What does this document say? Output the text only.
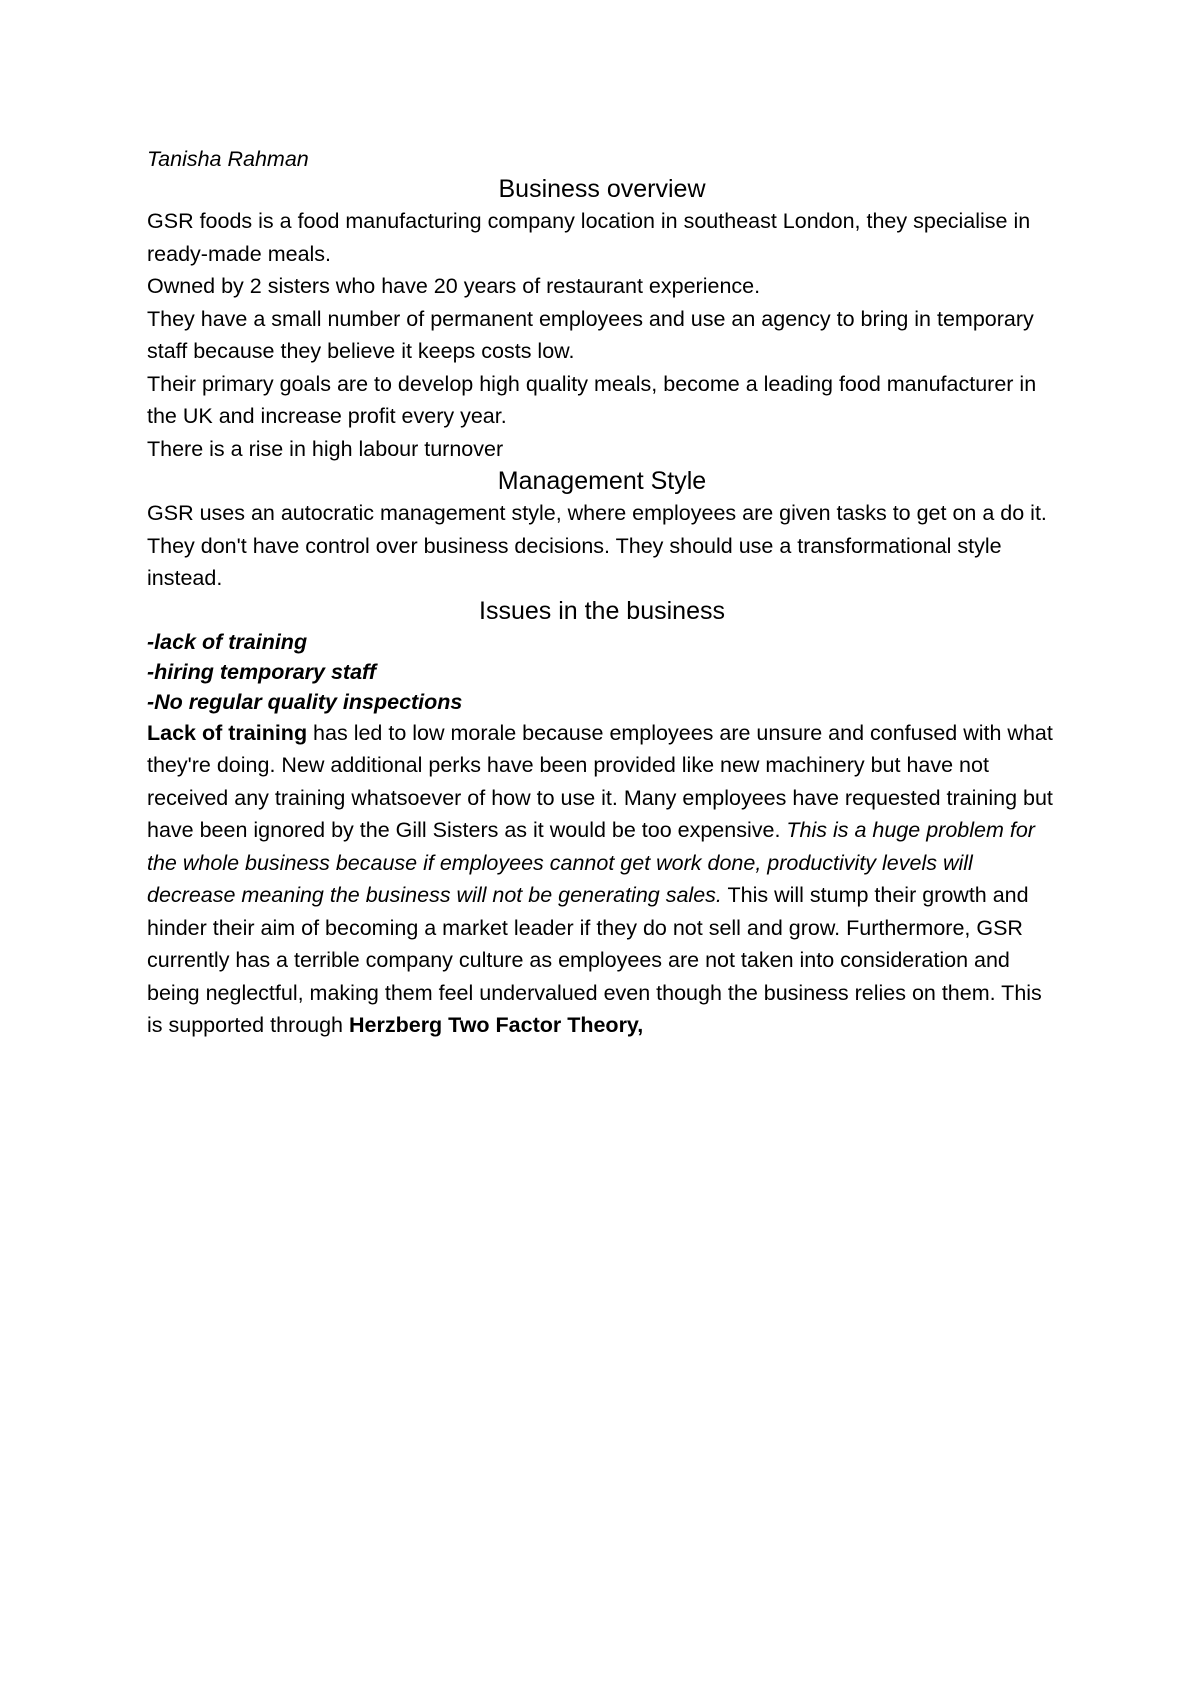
Tanisha Rahman

Business overview

GSR foods is a food manufacturing company location in southeast London, they specialise in ready-made meals.

Owned by 2 sisters who have 20 years of restaurant experience.

They have a small number of permanent employees and use an agency to bring in temporary staff because they believe it keeps costs low.

Their primary goals are to develop high quality meals, become a leading food manufacturer in the UK and increase profit every year.

There is a rise in high labour turnover

Management Style

GSR uses an autocratic management style, where employees are given tasks to get on a do it. They don't have control over business decisions. They should use a transformational style instead.

Issues in the business

-lack of training

-hiring temporary staff

-No regular quality inspections

Lack of training has led to low morale because employees are unsure and confused with what they're doing. New additional perks have been provided like new machinery but have not received any training whatsoever of how to use it. Many employees have requested training but have been ignored by the Gill Sisters as it would be too expensive. This is a huge problem for the whole business because if employees cannot get work done, productivity levels will decrease meaning the business will not be generating sales. This will stump their growth and hinder their aim of becoming a market leader if they do not sell and grow. Furthermore, GSR currently has a terrible company culture as employees are not taken into consideration and being neglectful, making them feel undervalued even though the business relies on them. This is supported through Herzberg Two Factor Theory,
